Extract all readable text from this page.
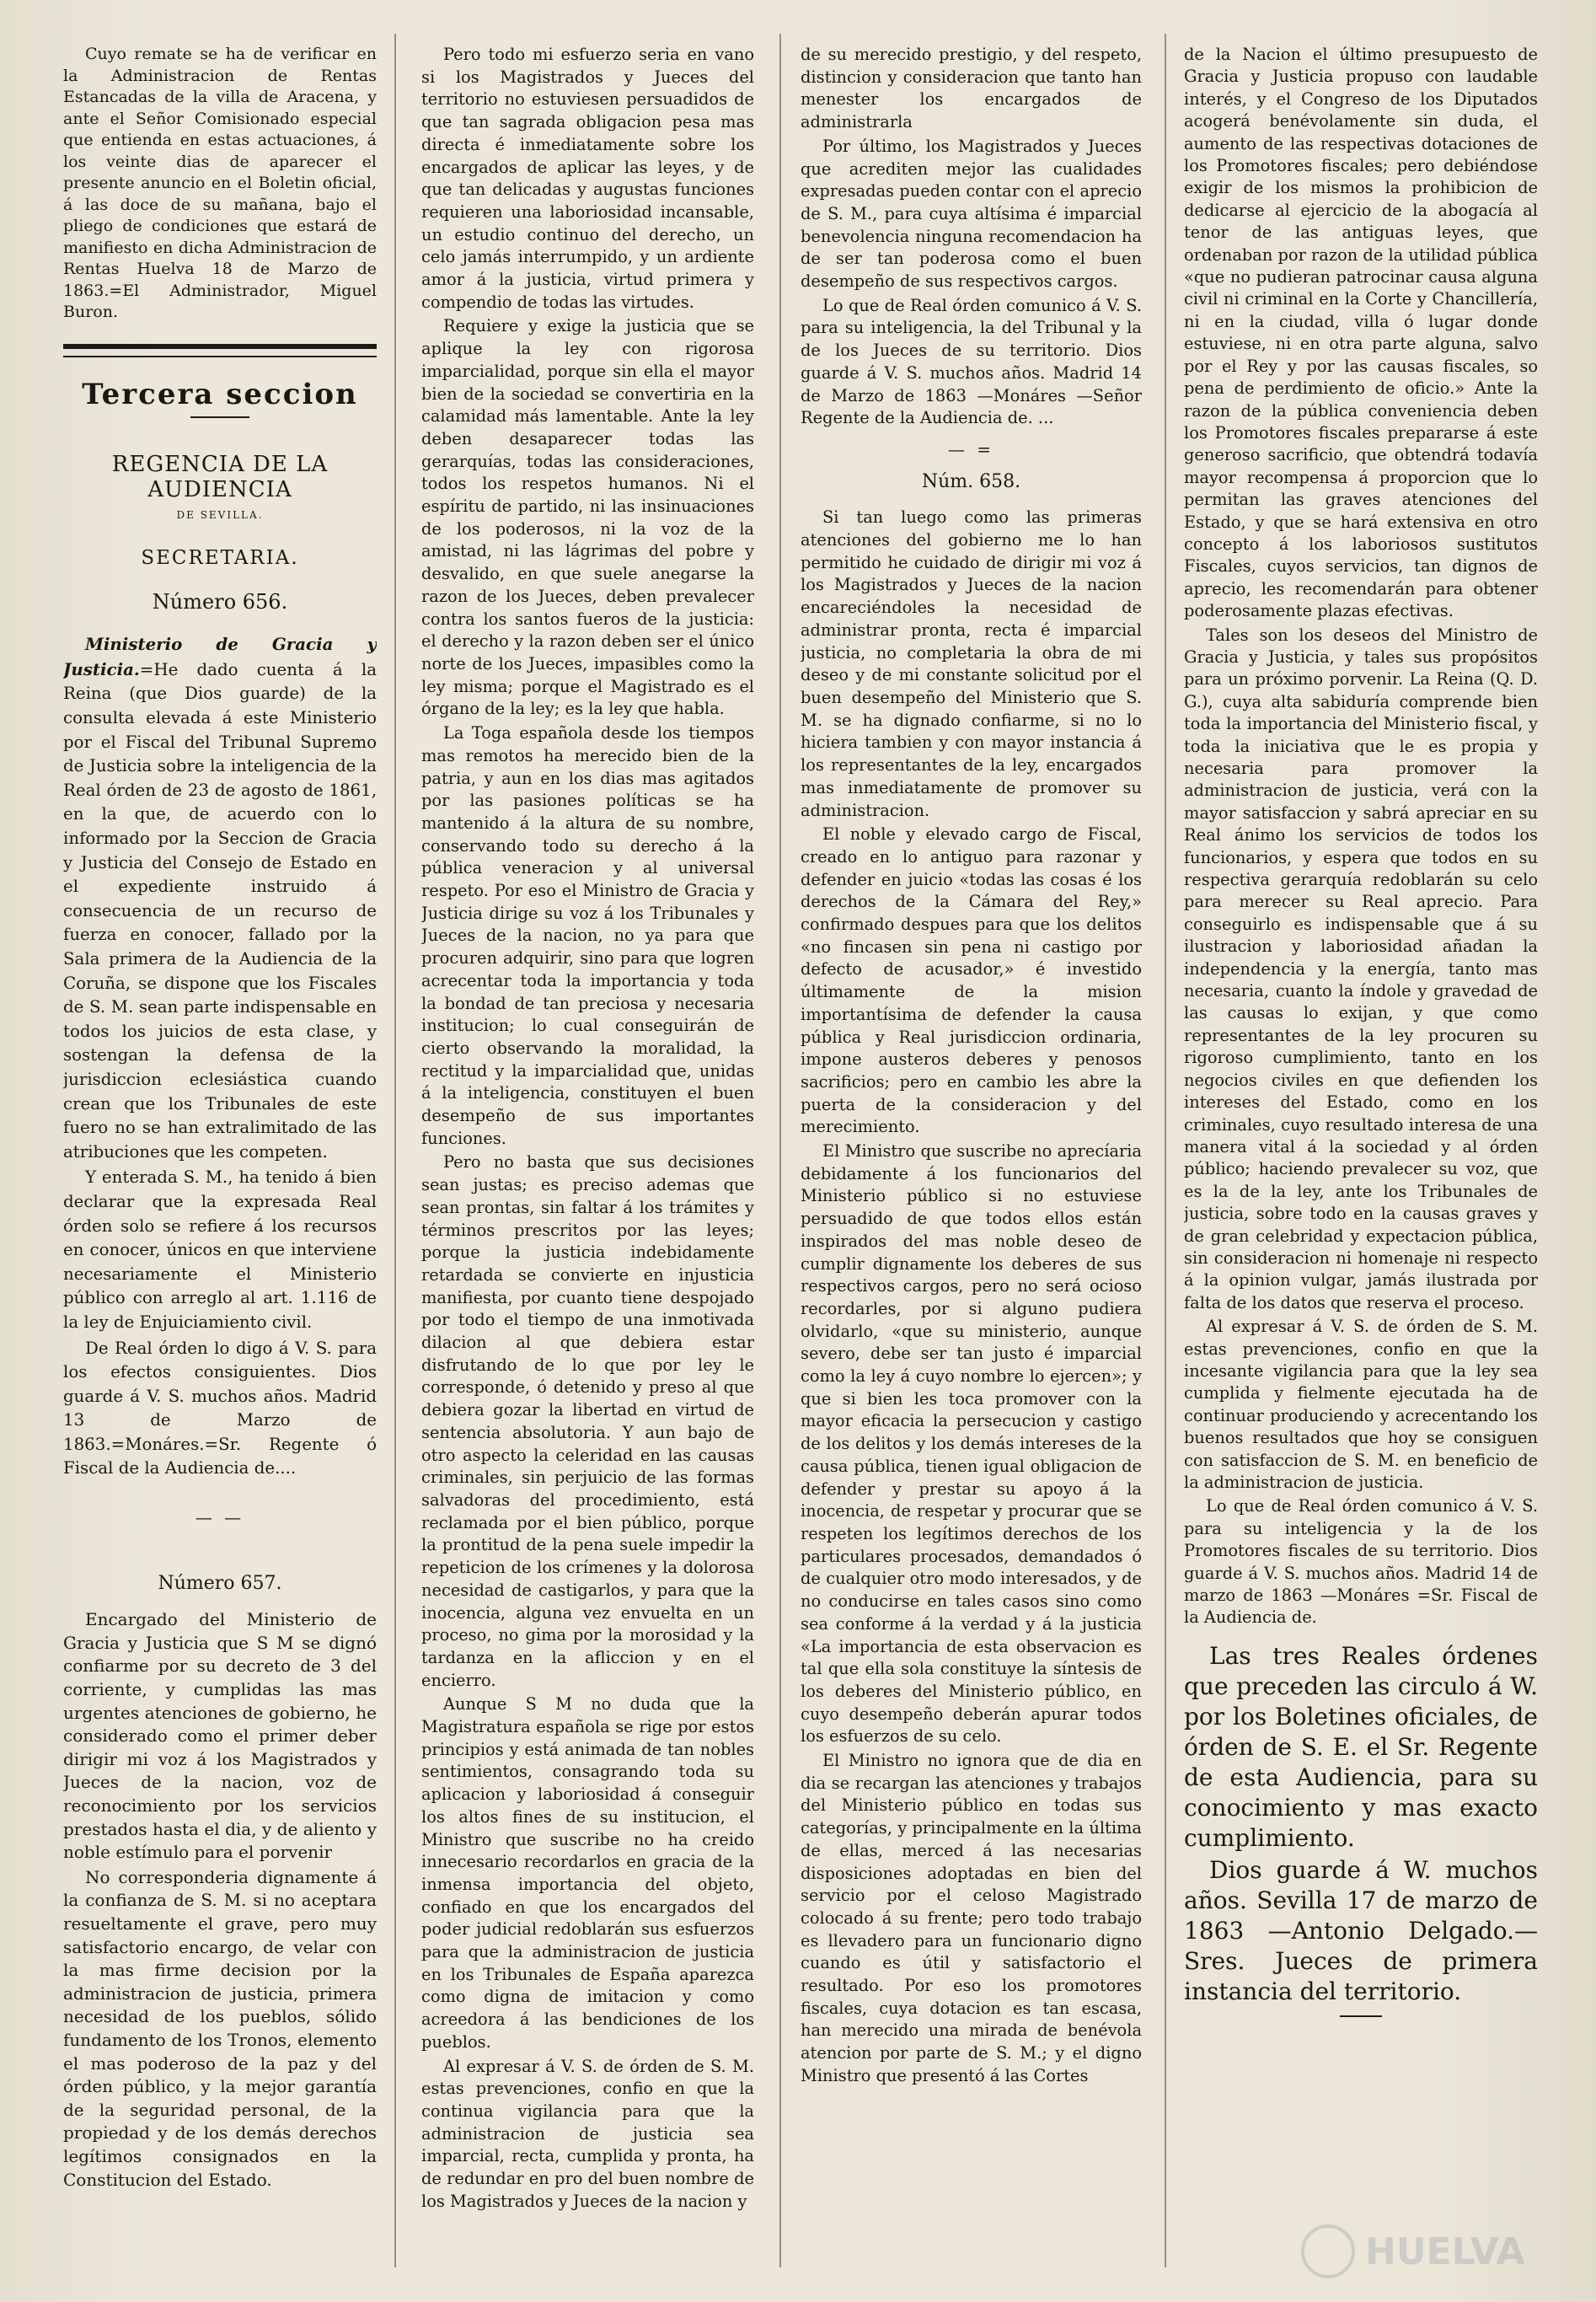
Cuyo remate se ha de verificar en la Administracion de Rentas Estancadas de la villa de Aracena, y ante el Señor Comisionado especial que entienda en estas actuaciones, á los veinte dias de aparecer el presente anuncio en el Boletin oficial, á las doce de su mañana, bajo el pliego de condiciones que estará de manifiesto en dicha Administracion de Rentas Huelva 18 de Marzo de 1863.=El Administrador, Miguel Buron.

Tercera seccion
REGENCIA DE LA AUDIENCIA
DE SEVILLA.
SECRETARIA.
Número 656.

Ministerio de Gracia y Justicia.=He dado cuenta á la Reina (que Dios guarde) de la consulta elevada á este Ministerio por el Fiscal del Tribunal Supremo de Justicia sobre la inteligencia de la Real órden de 23 de agosto de 1861, en la que, de acuerdo con lo informado por la Seccion de Gracia y Justicia del Consejo de Estado en el expediente instruido á consecuencia de un recurso de fuerza en conocer, fallado por la Sala primera de la Audiencia de la Coruña, se dispone que los Fiscales de S. M. sean parte indispensable en todos los juicios de esta clase, y sostengan la defensa de la jurisdiccion eclesiástica cuando crean que los Tribunales de este fuero no se han extralimitado de las atribuciones que les competen.

Y enterada S. M., ha tenido á bien declarar que la expresada Real órden solo se refiere á los recursos en conocer, únicos en que interviene necesariamente el Ministerio público con arreglo al art. 1.116 de la ley de Enjuiciamiento civil.

De Real órden lo digo á V. S. para los efectos consiguientes. Dios guarde á V. S. muchos años. Madrid 13 de Marzo de 1863.=Monáres.=Sr. Regente ó Fiscal de la Audiencia de....

— —
Número 657.

Encargado del Ministerio de Gracia y Justicia que S M se dignó confiarme por su decreto de 3 del corriente, y cumplidas las mas urgentes atenciones de gobierno, he considerado como el primer deber dirigir mi voz á los Magistrados y Jueces de la nacion, voz de reconocimiento por los servicios prestados hasta el dia, y de aliento y noble estímulo para el porvenir

No corresponderia dignamente á la confianza de S. M. si no aceptara resueltamente el grave, pero muy satisfactorio encargo, de velar con la mas firme decision por la administracion de justicia, primera necesidad de los pueblos, sólido fundamento de los Tronos, elemento el mas poderoso de la paz y del órden público, y la mejor garantía de la seguridad personal, de la propiedad y de los demás derechos legítimos consignados en la Constitucion del Estado.

Pero todo mi esfuerzo seria en vano si los Magistrados y Jueces del territorio no estuviesen persuadidos de que tan sagrada obligacion pesa mas directa é inmediatamente sobre los encargados de aplicar las leyes, y de que tan delicadas y augustas funciones requieren una laboriosidad incansable, un estudio continuo del derecho, un celo jamás interrumpido, y un ardiente amor á la justicia, virtud primera y compendio de todas las virtudes.

Requiere y exige la justicia que se aplique la ley con rigorosa imparcialidad, porque sin ella el mayor bien de la sociedad se convertiria en la calamidad más lamentable. Ante la ley deben desaparecer todas las gerarquías, todas las consideraciones, todos los respetos humanos. Ni el espíritu de partido, ni las insinuaciones de los poderosos, ni la voz de la amistad, ni las lágrimas del pobre y desvalido, en que suele anegarse la razon de los Jueces, deben prevalecer contra los santos fueros de la justicia: el derecho y la razon deben ser el único norte de los Jueces, impasibles como la ley misma; porque el Magistrado es el órgano de la ley; es la ley que habla.

La Toga española desde los tiempos mas remotos ha merecido bien de la patria, y aun en los dias mas agitados por las pasiones políticas se ha mantenido á la altura de su nombre, conservando todo su derecho á la pública veneracion y al universal respeto. Por eso el Ministro de Gracia y Justicia dirige su voz á los Tribunales y Jueces de la nacion, no ya para que procuren adquirir, sino para que logren acrecentar toda la importancia y toda la bondad de tan preciosa y necesaria institucion; lo cual conseguirán de cierto observando la moralidad, la rectitud y la imparcialidad que, unidas á la inteligencia, constituyen el buen desempeño de sus importantes funciones.

Pero no basta que sus decisiones sean justas; es preciso ademas que sean prontas, sin faltar á los trámites y términos prescritos por las leyes; porque la justicia indebidamente retardada se convierte en injusticia manifiesta, por cuanto tiene despojado por todo el tiempo de una inmotivada dilacion al que debiera estar disfrutando de lo que por ley le corresponde, ó detenido y preso al que debiera gozar la libertad en virtud de sentencia absolutoria. Y aun bajo de otro aspecto la celeridad en las causas criminales, sin perjuicio de las formas salvadoras del procedimiento, está reclamada por el bien público, porque la prontitud de la pena suele impedir la repeticion de los crímenes y la dolorosa necesidad de castigarlos, y para que la inocencia, alguna vez envuelta en un proceso, no gima por la morosidad y la tardanza en la afliccion y en el encierro.

Aunque S M no duda que la Magistratura española se rige por estos principios y está animada de tan nobles sentimientos, consagrando toda su aplicacion y laboriosidad á conseguir los altos fines de su institucion, el Ministro que suscribe no ha creido innecesario recordarlos en gracia de la inmensa importancia del objeto, confiado en que los encargados del poder judicial redoblarán sus esfuerzos para que la administracion de justicia en los Tribunales de España aparezca como digna de imitacion y como acreedora á las bendiciones de los pueblos.

Al expresar á V. S. de órden de S. M. estas prevenciones, confio en que la continua vigilancia para que la administracion de justicia sea imparcial, recta, cumplida y pronta, ha de redundar en pro del buen nombre de los Magistrados y Jueces de la nacion y

de su merecido prestigio, y del respeto, distincion y consideracion que tanto han menester los encargados de administrarla

Por último, los Magistrados y Jueces que acrediten mejor las cualidades expresadas pueden contar con el aprecio de S. M., para cuya altísima é imparcial benevolencia ninguna recomendacion ha de ser tan poderosa como el buen desempeño de sus respectivos cargos.

Lo que de Real órden comunico á V. S. para su inteligencia, la del Tribunal y la de los Jueces de su territorio. Dios guarde á V. S. muchos años. Madrid 14 de Marzo de 1863 —Monáres —Señor Regente de la Audiencia de. ...

— =
Núm. 658.

Si tan luego como las primeras atenciones del gobierno me lo han permitido he cuidado de dirigir mi voz á los Magistrados y Jueces de la nacion encareciéndoles la necesidad de administrar pronta, recta é imparcial justicia, no completaria la obra de mi deseo y de mi constante solicitud por el buen desempeño del Ministerio que S. M. se ha dignado confiarme, si no lo hiciera tambien y con mayor instancia á los representantes de la ley, encargados mas inmediatamente de promover su administracion.

El noble y elevado cargo de Fiscal, creado en lo antiguo para razonar y defender en juicio «todas las cosas é los derechos de la Cámara del Rey,» confirmado despues para que los delitos «no fincasen sin pena ni castigo por defecto de acusador,» é investido últimamente de la mision importantísima de defender la causa pública y Real jurisdiccion ordinaria, impone austeros deberes y penosos sacrificios; pero en cambio les abre la puerta de la consideracion y del merecimiento.

El Ministro que suscribe no aprecíaria debidamente á los funcionarios del Ministerio público si no estuviese persuadido de que todos ellos están inspirados del mas noble deseo de cumplir dignamente los deberes de sus respectivos cargos, pero no será ocioso recordarles, por si alguno pudiera olvidarlo, «que su ministerio, aunque severo, debe ser tan justo é imparcial como la ley á cuyo nombre lo ejercen»; y que si bien les toca promover con la mayor eficacia la persecucion y castigo de los delitos y los demás intereses de la causa pública, tienen igual obligacion de defender y prestar su apoyo á la inocencia, de respetar y procurar que se respeten los legítimos derechos de los particulares procesados, demandados ó de cualquier otro modo interesados, y de no conducirse en tales casos sino como sea conforme á la verdad y á la justicia «La importancia de esta observacion es tal que ella sola constituye la síntesis de los deberes del Ministerio público, en cuyo desempeño deberán apurar todos los esfuerzos de su celo.

El Ministro no ignora que de dia en dia se recargan las atenciones y trabajos del Ministerio público en todas sus categorías, y principalmente en la última de ellas, merced á las necesarias disposiciones adoptadas en bien del servicio por el celoso Magistrado colocado á su frente; pero todo trabajo es llevadero para un funcionario digno cuando es útil y satisfactorio el resultado. Por eso los promotores fiscales, cuya dotacion es tan escasa, han merecido una mirada de benévola atencion por parte de S. M.; y el digno Ministro que presentó á las Cortes

de la Nacion el último presupuesto de Gracia y Justicia propuso con laudable interés, y el Congreso de los Diputados acogerá benévolamente sin duda, el aumento de las respectivas dotaciones de los Promotores fiscales; pero debiéndose exigir de los mismos la prohibicion de dedicarse al ejercicio de la abogacía al tenor de las antiguas leyes, que ordenaban por razon de la utilidad pública «que no pudieran patrocinar causa alguna civil ni criminal en la Corte y Chancillería, ni en la ciudad, villa ó lugar donde estuviese, ni en otra parte alguna, salvo por el Rey y por las causas fiscales, so pena de perdimiento de oficio.» Ante la razon de la pública conveniencia deben los Promotores fiscales prepararse á este generoso sacrificio, que obtendrá todavía mayor recompensa á proporcion que lo permitan las graves atenciones del Estado, y que se hará extensiva en otro concepto á los laboriosos sustitutos Fiscales, cuyos servicios, tan dignos de aprecio, les recomendarán para obtener poderosamente plazas efectivas.

Tales son los deseos del Ministro de Gracia y Justicia, y tales sus propósitos para un próximo porvenir. La Reina (Q. D. G.), cuya alta sabiduría comprende bien toda la importancia del Ministerio fiscal, y toda la iniciativa que le es propia y necesaria para promover la administracion de justicia, verá con la mayor satisfaccion y sabrá apreciar en su Real ánimo los servicios de todos los funcionarios, y espera que todos en su respectiva gerarquía redoblarán su celo para merecer su Real aprecio. Para conseguirlo es indispensable que á su ilustracion y laboriosidad añadan la independencia y la energía, tanto mas necesaria, cuanto la índole y gravedad de las causas lo exijan, y que como representantes de la ley procuren su rigoroso cumplimiento, tanto en los negocios civiles en que defienden los intereses del Estado, como en los criminales, cuyo resultado interesa de una manera vital á la sociedad y al órden público; haciendo prevalecer su voz, que es la de la ley, ante los Tribunales de justicia, sobre todo en la causas graves y de gran celebridad y expectacion pública, sin consideracion ni homenaje ni respecto á la opinion vulgar, jamás ilustrada por falta de los datos que reserva el proceso.

Al expresar á V. S. de órden de S. M. estas prevenciones, confio en que la incesante vigilancia para que la ley sea cumplida y fielmente ejecutada ha de continuar produciendo y acrecentando los buenos resultados que hoy se consiguen con satisfaccion de S. M. en beneficio de la administracion de justicia.

Lo que de Real órden comunico á V. S. para su inteligencia y la de los Promotores fiscales de su territorio. Dios guarde á V. S. muchos años. Madrid 14 de marzo de 1863 —Monáres =Sr. Fiscal de la Audiencia de.

Las tres Reales órdenes que preceden las circulo á W. por los Boletines oficiales, de órden de S. E. el Sr. Regente de esta Audiencia, para su conocimiento y mas exacto cumplimiento.

Dios guarde á W. muchos años. Sevilla 17 de marzo de 1863 —Antonio Delgado.— Sres. Jueces de primera instancia del territorio.

HUELVA
